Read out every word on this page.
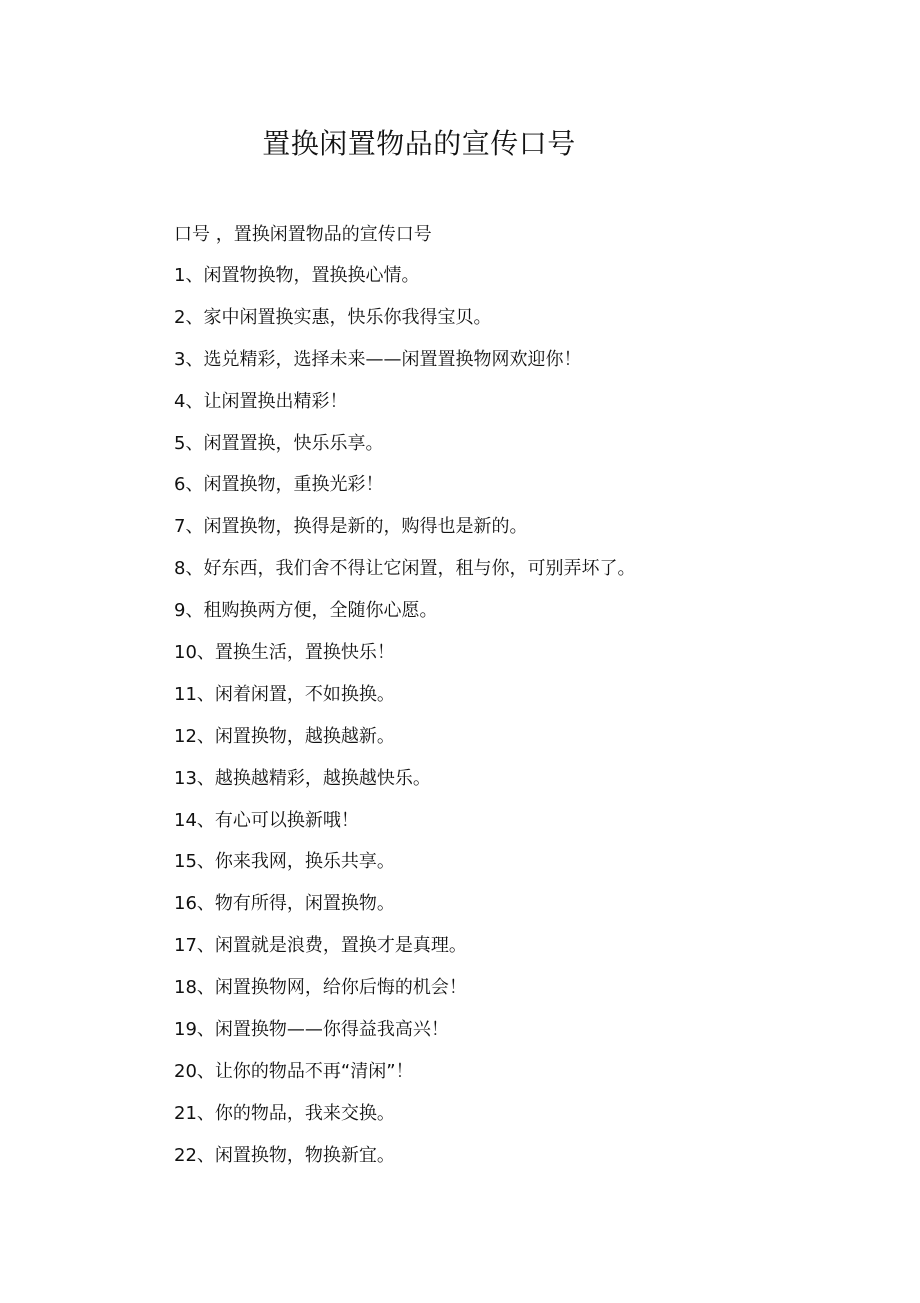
置换闲置物品的宣传口号

口号 ，置换闲置物品的宣传口号

1、闲置物换物，置换换心情。
2、家中闲置换实惠，快乐你我得宝贝。
3、选兑精彩，选择未来——闲置置换物网欢迎你！
4、让闲置换出精彩！
5、闲置置换，快乐乐享。
6、闲置换物，重换光彩！
7、闲置换物，换得是新的，购得也是新的。
8、好东西，我们舍不得让它闲置，租与你，可别弄坏了。
9、租购换两方便，全随你心愿。
10、置换生活，置换快乐！
11、闲着闲置，不如换换。
12、闲置换物，越换越新。
13、越换越精彩，越换越快乐。
14、有心可以换新哦！
15、你来我网，换乐共享。
16、物有所得，闲置换物。
17、闲置就是浪费，置换才是真理。
18、闲置换物网，给你后悔的机会！
19、闲置换物——你得益我高兴！
20、让你的物品不再“清闲”！
21、你的物品，我来交换。
22、闲置换物，物换新宜。
